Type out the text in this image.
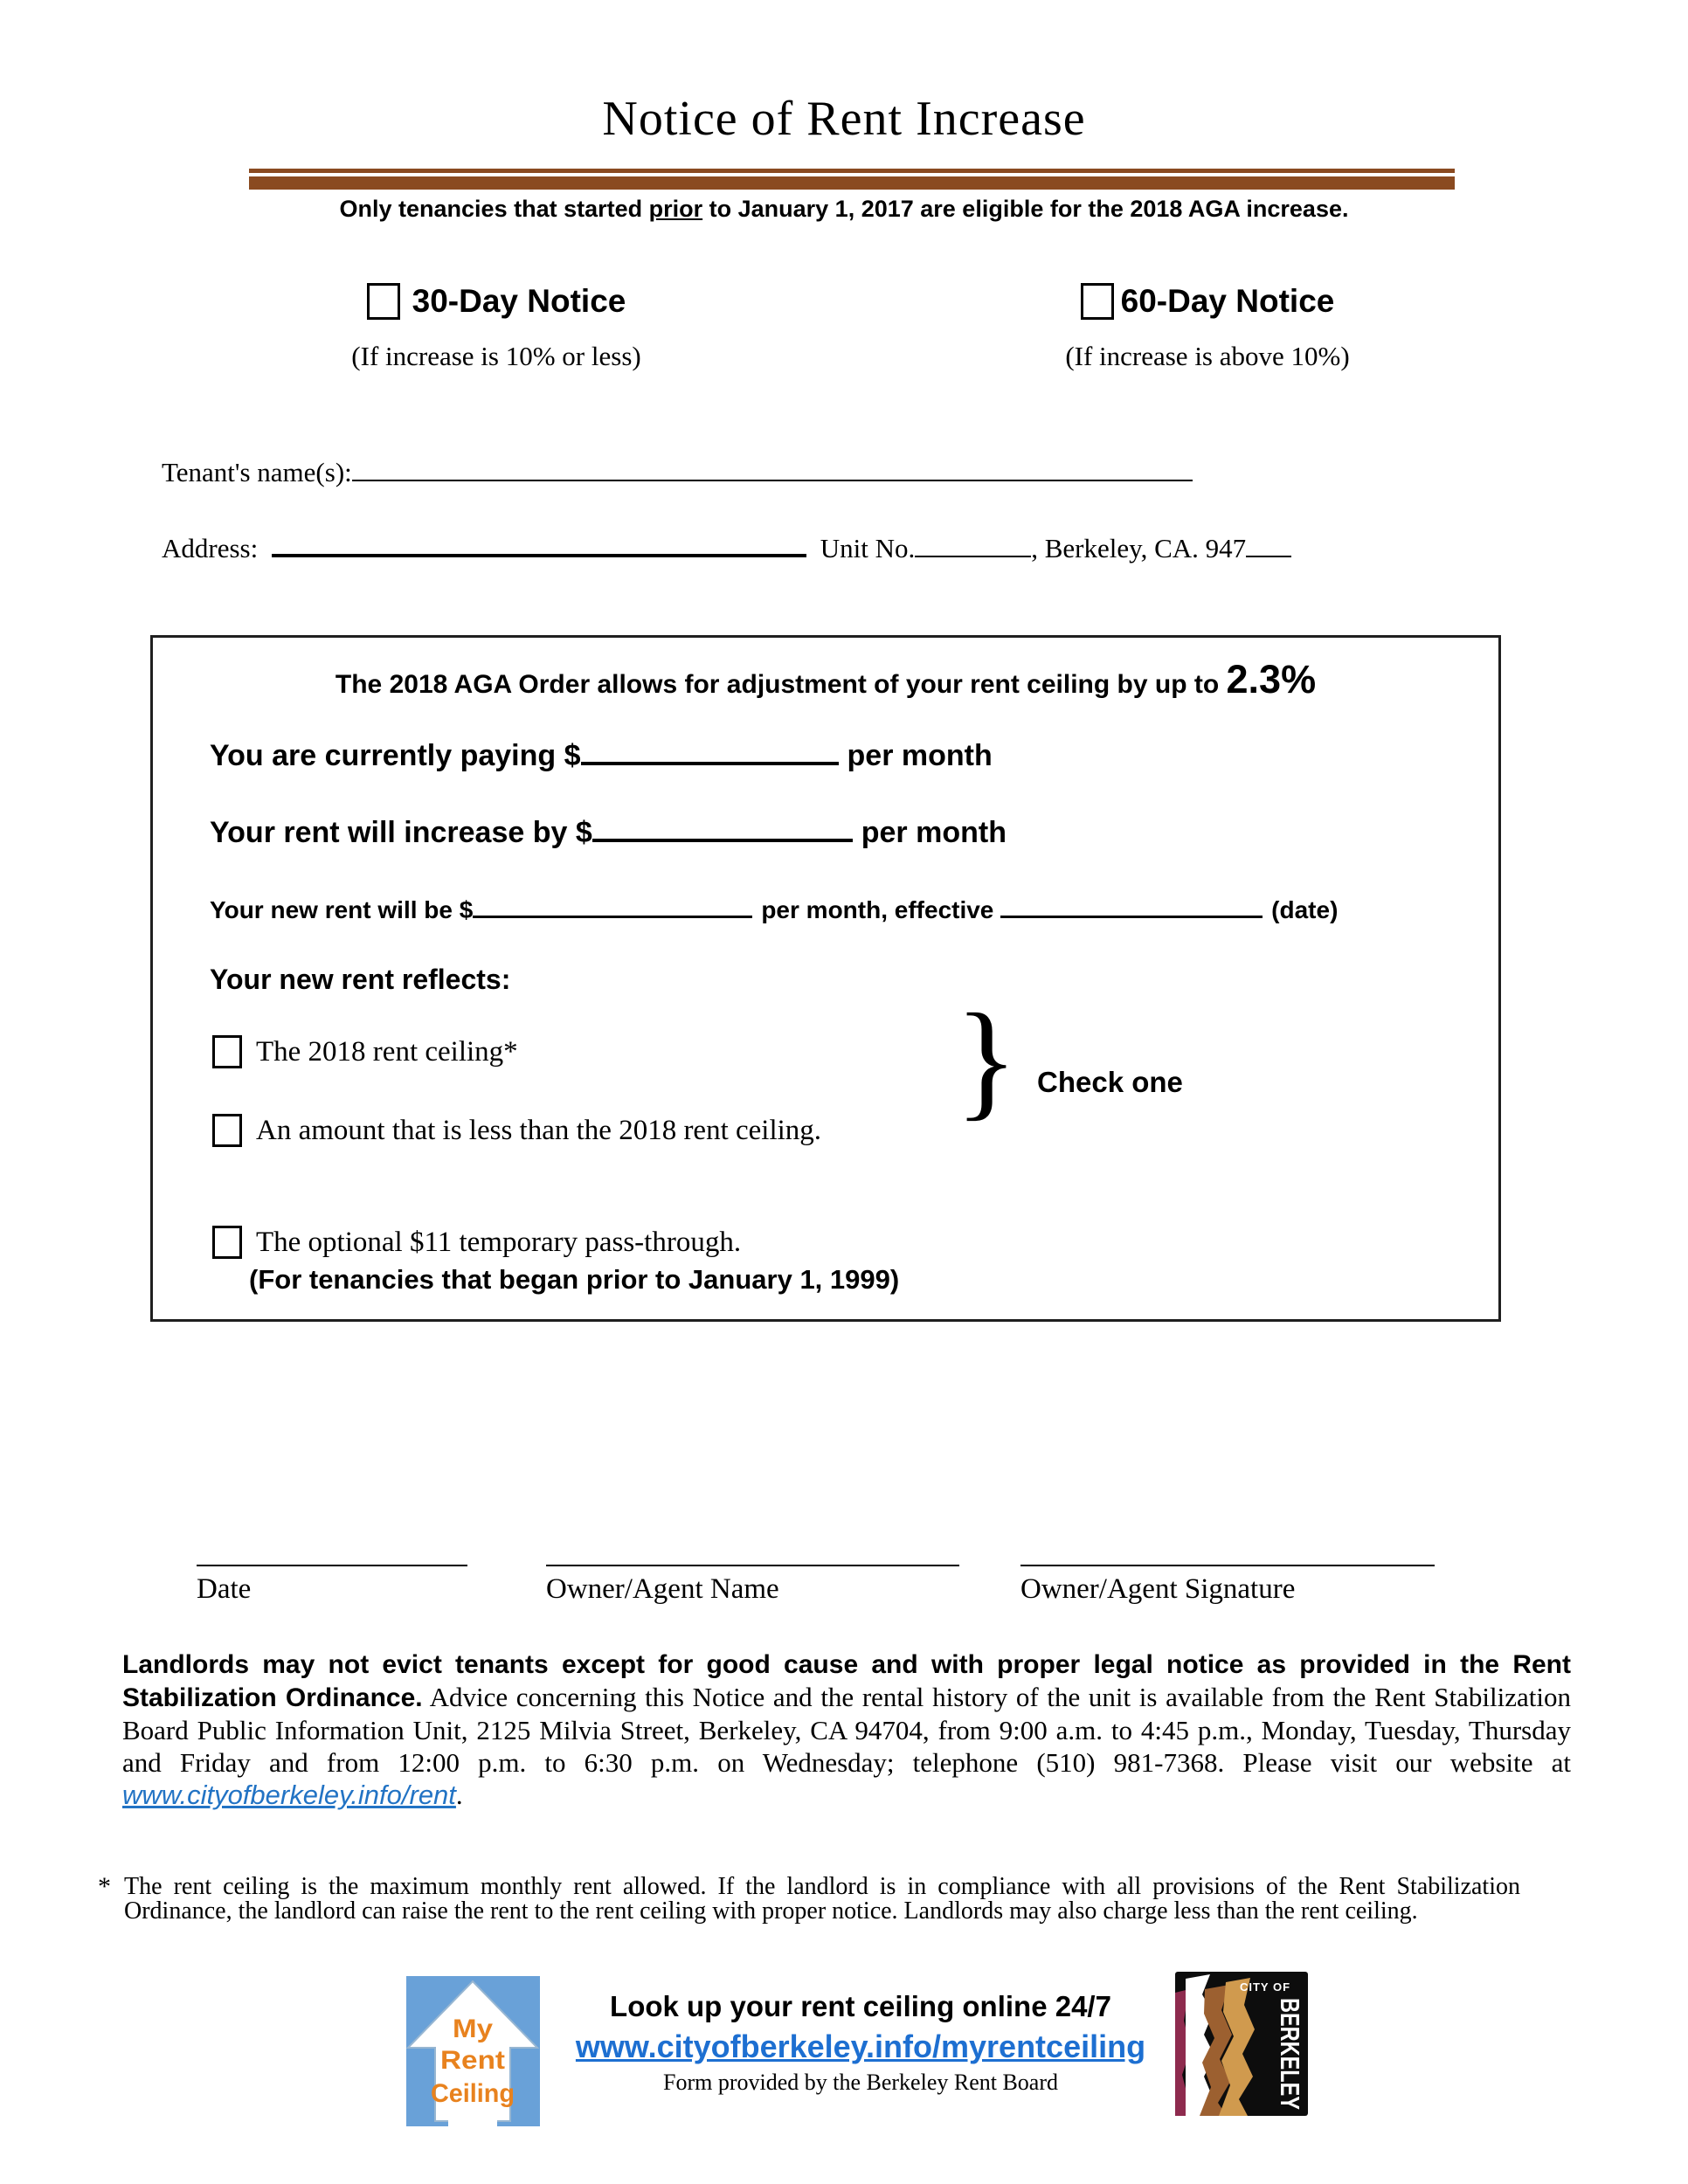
Notice of Rent Increase
Only tenancies that started prior to January 1, 2017 are eligible for the 2018 AGA increase.
30-Day Notice
(If increase is 10% or less)
60-Day Notice
(If increase is above 10%)
Tenant's name(s):
Address:	Unit No.	, Berkeley, CA. 947
The 2018 AGA Order allows for adjustment of your rent ceiling by up to 2.3%
You are currently paying $	per month
Your rent will increase by $	per month
Your new rent will be $	per month, effective	(date)
Your new rent reflects:
The 2018 rent ceiling*	} Check one
An amount that is less than the 2018 rent ceiling.
The optional $11 temporary pass-through.
(For tenancies that began prior to January 1, 1999)
Date	Owner/Agent Name	Owner/Agent Signature
Landlords may not evict tenants except for good cause and with proper legal notice as provided in the Rent Stabilization Ordinance. Advice concerning this Notice and the rental history of the unit is available from the Rent Stabilization Board Public Information Unit, 2125 Milvia Street, Berkeley, CA 94704, from 9:00 a.m. to 4:45 p.m., Monday, Tuesday, Thursday and Friday and from 12:00 p.m. to 6:30 p.m. on Wednesday; telephone (510) 981-7368. Please visit our website at www.cityofberkeley.info/rent.
* The rent ceiling is the maximum monthly rent allowed. If the landlord is in compliance with all provisions of the Rent Stabilization Ordinance, the landlord can raise the rent to the rent ceiling with proper notice. Landlords may also charge less than the rent ceiling.
My
Rent
Ceiling
Look up your rent ceiling online 24/7
www.cityofberkeley.info/myrentceiling
Form provided by the Berkeley Rent Board
CITY OF
BERKELEY
